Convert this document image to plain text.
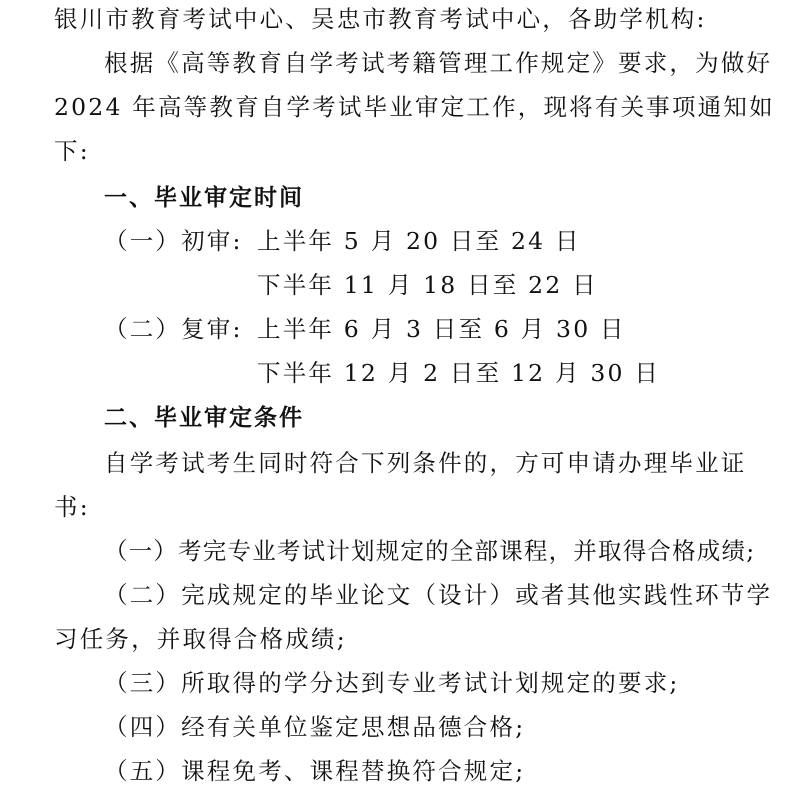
银川市教育考试中心、吴忠市教育考试中心，各助学机构:
根据《高等教育自学考试考籍管理工作规定》要求，为做好
2024 年高等教育自学考试毕业审定工作，现将有关事项通知如
下:
一、毕业审定时间
（一）初审: 上半年 5 月 20 日至 24 日
下半年 11 月 18 日至 22 日
（二）复审: 上半年 6 月 3 日至 6 月 30 日
下半年 12 月 2 日至 12 月 30 日
二、毕业审定条件
自学考试考生同时符合下列条件的，方可申请办理毕业证
书:
（一）考完专业考试计划规定的全部课程，并取得合格成绩;
（二）完成规定的毕业论文（设计）或者其他实践性环节学
习任务，并取得合格成绩;
（三）所取得的学分达到专业考试计划规定的要求;
（四）经有关单位鉴定思想品德合格;
（五）课程免考、课程替换符合规定;
